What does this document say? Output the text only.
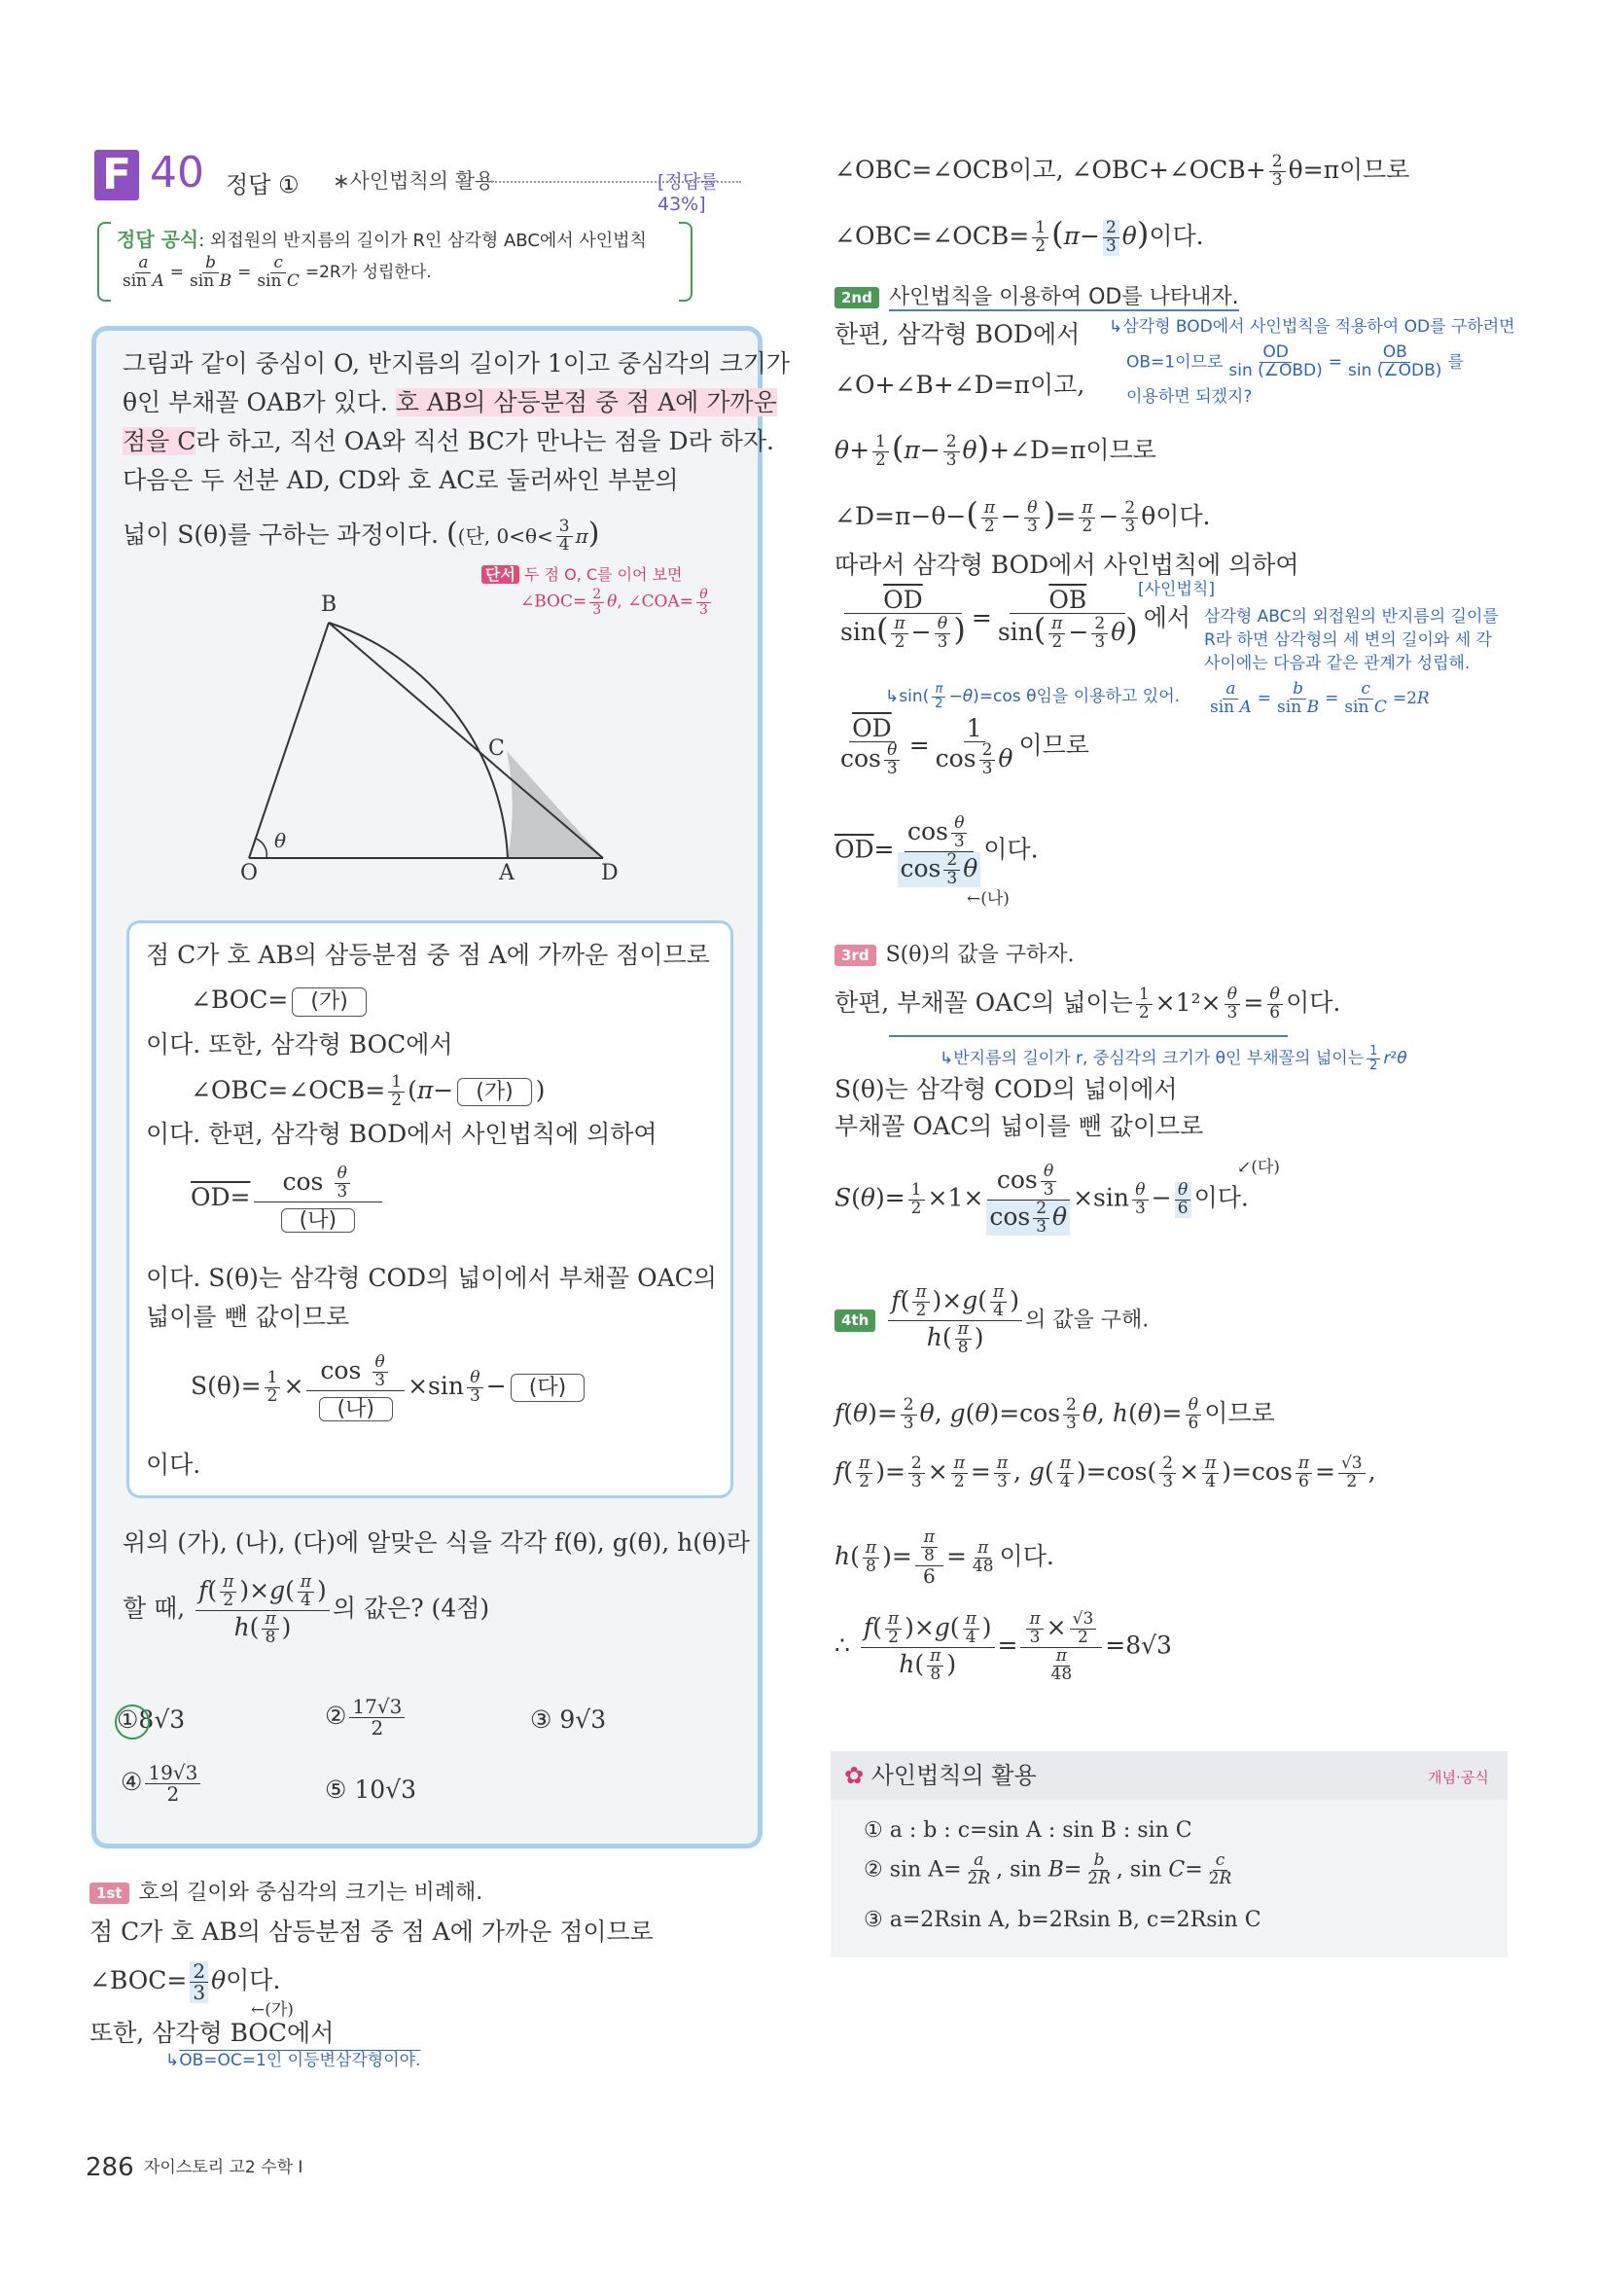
F 40 정답 ① ∗사인법칙의 활용	[정답률 43%]
정답 공식: 외접원의 반지름의 길이가 R인 삼각형 ABC에서 사인법칙
$\frac{a}{\text{sin A}} = \frac{b}{\text{sin B}} = \frac{c}{\text{sin C}} =2R$가 성립한다.
그림과 같이 중심이 O, 반지름의 길이가 1이고 중심각의 크기가
θ인 부채꼴 OAB가 있다. 호 AB의 삼등분점 중 점 A에 가까운
점을 C라 하고, 직선 OA와 직선 BC가 만나는 점을 D라 하자.
다음은 두 선분 AD, CD와 호 AC로 둘러싸인 부분의
넓이 S(θ)를 구하는 과정이다. ((단, $0<\theta< \frac{3}{4} \pi$)
단서 두 점 O, C를 이어 보면
∠BOC= $\frac{2}{3} \theta$, ∠COA= $\frac{\theta}{3}$
B
C
O	A	D
θ
점 C가 호 AB의 삼등분점 중 점 A에 가까운 점이므로
∠BOC= (가)
이다. 또한, 삼각형 BOC에서
∠OBC=∠OCB= $\frac{1}{2} (\pi-$ (가) )
이다. 한편, 삼각형 BOD에서 사인법칙에 의하여
$OD= \frac{\cos \frac{\theta}{3}}{\text{(나)}}$
이다. S(θ)는 삼각형 COD의 넓이에서 부채꼴 OAC의
넓이를 뺀 값이므로
$S(\theta)= \frac{1}{2} \times \frac{\cos \frac{\theta}{3}}{\text{(나)}} \times\sin \frac{\theta}{3}$ − (다)
이다.
위의 (가), (나), (다)에 알맞은 식을 각각 f(θ), g(θ), h(θ)라
할 때, $\frac{f( \frac{\pi}{2} )\times g( \frac{\pi}{4} )}{h( \frac{\pi}{8} )}$ 의 값은? (4점)
①8√3	② $\frac{17√3}{2}$	③ 9√3
④ $\frac{19√3}{2}$	⑤ 10√3
1st 호의 길이와 중심각의 크기는 비례해.
점 C가 호 AB의 삼등분점 중 점 A에 가까운 점이므로
∠BOC= $\frac{2}{3}$ θ이다.
←(가)
또한, 삼각형 BOC에서
↳OB=OC=1인 이등변삼각형이야.
286 자이스토리 고2 수학 Ⅰ
∠OBC=∠OCB이고, ∠OBC+∠OCB+ $\frac{2}{3} \theta=\pi$이므로
∠OBC=∠OCB= $\frac{1}{2} (\pi- \frac{2}{3} \theta)$이다.
2nd 사인법칙을 이용하여 OD를 나타내자.
한편, 삼각형 BOD에서 ↳삼각형 BOD에서 사인법칙을 적용하여 OD를 구하려면
OB=1이므로 $\frac{OD}{\text{sin (∠OBD)}} = \frac{OB}{\text{sin (∠ODB)}}$ 를
이용하면 되겠지?
∠O+∠B+∠D=π이고,
$\theta+ \frac{1}{2} (\pi- \frac{2}{3}$ θ)+∠D=π이므로
∠D=π−θ−( $\frac{\pi}{2} - \frac{\theta}{3}$ )= $\frac{\pi}{2} - \frac{2}{3}$ θ이다.
따라서 삼각형 BOD에서 사인법칙에 의하여
[사인법칙]
$\frac{\overline{OD}}{\sin( \frac{\pi}{2} - \frac{\theta}{3} )} = \frac{\overline{OB}}{\sin( \frac{\pi}{2} - \frac{2}{3} \theta)}$ 에서 삼각형 ABC의 외접원의 반지름의 길이를
R라 하면 삼각형의 세 변의 길이와 세 각
사이에는 다음과 같은 관계가 성립해.
$\frac{a}{\text{sin A}} = \frac{b}{\text{sin B}} = \frac{c}{\text{sin C}} =2R$
↳sin( $\frac{\pi}{2} -\theta)=\cos$ θ임을 이용하고 있어.
$\frac{\overline{OD}}{\cos \frac{\theta}{3}} = \frac{1}{\cos \frac{2}{3} \theta}$ 이므로
$\overline{OD}= \frac{\cos \frac{\theta}{3}}{\cos \frac{2}{3} \theta}$ 이다.
←(나)
3rd S(θ)의 값을 구하자.
한편, 부채꼴 OAC의 넓이는 $\frac{1}{2} \times 1^2\times \frac{\theta}{3} = \frac{\theta}{6}$ 이다.
↳반지름의 길이가 r, 중심각의 크기가 θ인 부채꼴의 넓이는 $\frac{1}{2} r^2\theta$
S(θ)는 삼각형 COD의 넓이에서
부채꼴 OAC의 넓이를 뺀 값이므로
$S(\theta)= \frac{1}{2} \times 1\times \frac{\cos \frac{\theta}{3}}{\cos \frac{2}{3} \theta} \times\sin \frac{\theta}{3} - \frac{\theta}{6}$ 이다.
↙(다)
$4th \frac{f( \frac{\pi}{2} )\times g( \frac{\pi}{4} )}{h( \frac{\pi}{8} )}$ 의 값을 구해.
$f(\theta)= \frac{2}{3} \theta$, $g(\theta)=\cos \frac{2}{3} \theta$, $h(\theta)= \frac{\theta}{6}$ 이므로
$f( \frac{\pi}{2}$ )= $\frac{2}{3} \times \frac{\pi}{2} = \frac{\pi}{3}$ , $g( \frac{\pi}{4} )=\cos( \frac{2}{3} \times \frac{\pi}{4} )=\cos \frac{\pi}{6} = \frac{√3}{2}$ ,
$h( \frac{\pi}{8}$ )= $\frac{\frac{\pi}{8}}{6} = \frac{\pi}{48}$ 이다.
∴ $\frac{f( \frac{\pi}{2} )\times g( \frac{\pi}{4} )}{h( \frac{\pi}{8} )} = \frac{\frac{\pi}{3} \times \frac{√3}{2}}{\frac{\pi}{48}} =8√3$
✿ 사인법칙의 활용	개념·공식
① a : b : c=sin A : sin B : sin C
② $\sin A= \frac{a}{2R}$ , $\sin B= \frac{b}{2R}$ , $\sin C= \frac{c}{2R}$
③ a=2Rsin A, b=2Rsin B, c=2Rsin C
